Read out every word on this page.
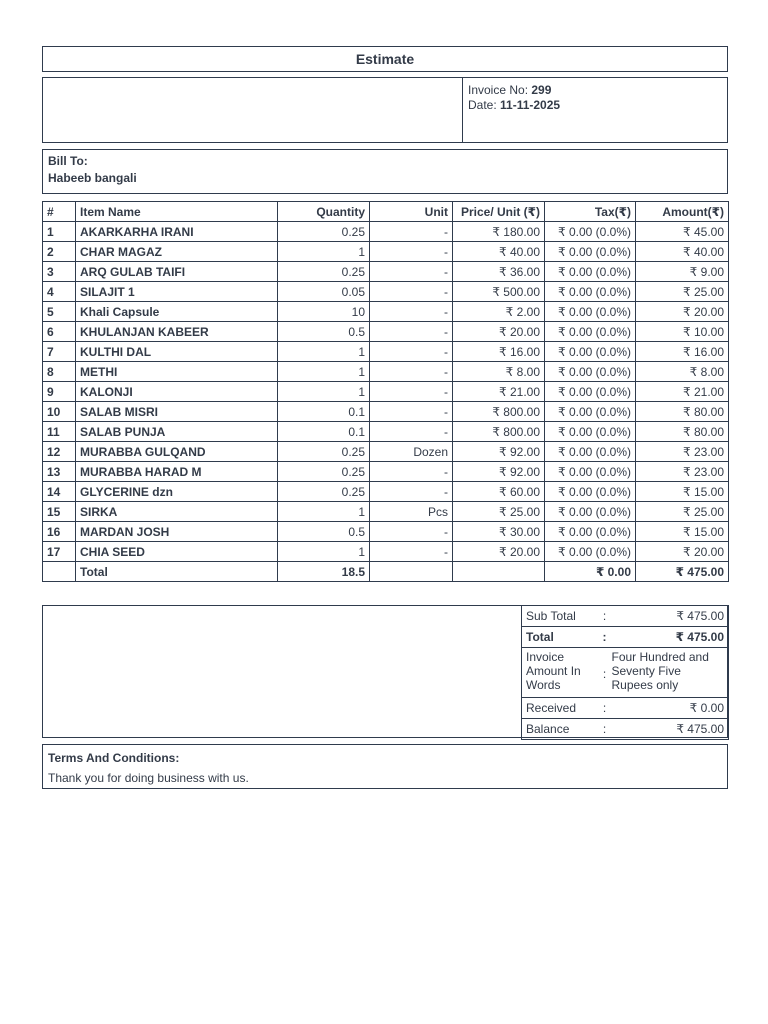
Estimate
Invoice No: 299
Date: 11-11-2025
Bill To:
Habeeb bangali
#	Item Name	Quantity	Unit	Price/ Unit (₹)	Tax(₹)	Amount(₹)
1	AKARKARHA IRANI	0.25	-	₹ 180.00	₹ 0.00 (0.0%)	₹ 45.00
2	CHAR MAGAZ	1	-	₹ 40.00	₹ 0.00 (0.0%)	₹ 40.00
3	ARQ GULAB TAIFI	0.25	-	₹ 36.00	₹ 0.00 (0.0%)	₹ 9.00
4	SILAJIT 1	0.05	-	₹ 500.00	₹ 0.00 (0.0%)	₹ 25.00
5	Khali Capsule	10	-	₹ 2.00	₹ 0.00 (0.0%)	₹ 20.00
6	KHULANJAN KABEER	0.5	-	₹ 20.00	₹ 0.00 (0.0%)	₹ 10.00
7	KULTHI DAL	1	-	₹ 16.00	₹ 0.00 (0.0%)	₹ 16.00
8	METHI	1	-	₹ 8.00	₹ 0.00 (0.0%)	₹ 8.00
9	KALONJI	1	-	₹ 21.00	₹ 0.00 (0.0%)	₹ 21.00
10	SALAB MISRI	0.1	-	₹ 800.00	₹ 0.00 (0.0%)	₹ 80.00
11	SALAB PUNJA	0.1	-	₹ 800.00	₹ 0.00 (0.0%)	₹ 80.00
12	MURABBA GULQAND	0.25	Dozen	₹ 92.00	₹ 0.00 (0.0%)	₹ 23.00
13	MURABBA HARAD M	0.25	-	₹ 92.00	₹ 0.00 (0.0%)	₹ 23.00
14	GLYCERINE dzn	0.25	-	₹ 60.00	₹ 0.00 (0.0%)	₹ 15.00
15	SIRKA	1	Pcs	₹ 25.00	₹ 0.00 (0.0%)	₹ 25.00
16	MARDAN JOSH	0.5	-	₹ 30.00	₹ 0.00 (0.0%)	₹ 15.00
17	CHIA SEED	1	-	₹ 20.00	₹ 0.00 (0.0%)	₹ 20.00
	Total	18.5			₹ 0.00	₹ 475.00
Sub Total	:	₹ 475.00
Total	:	₹ 475.00
Invoice Amount In Words	:	Four Hundred and Seventy Five Rupees only
Received	:	₹ 0.00
Balance	:	₹ 475.00
Terms And Conditions:
Thank you for doing business with us.
